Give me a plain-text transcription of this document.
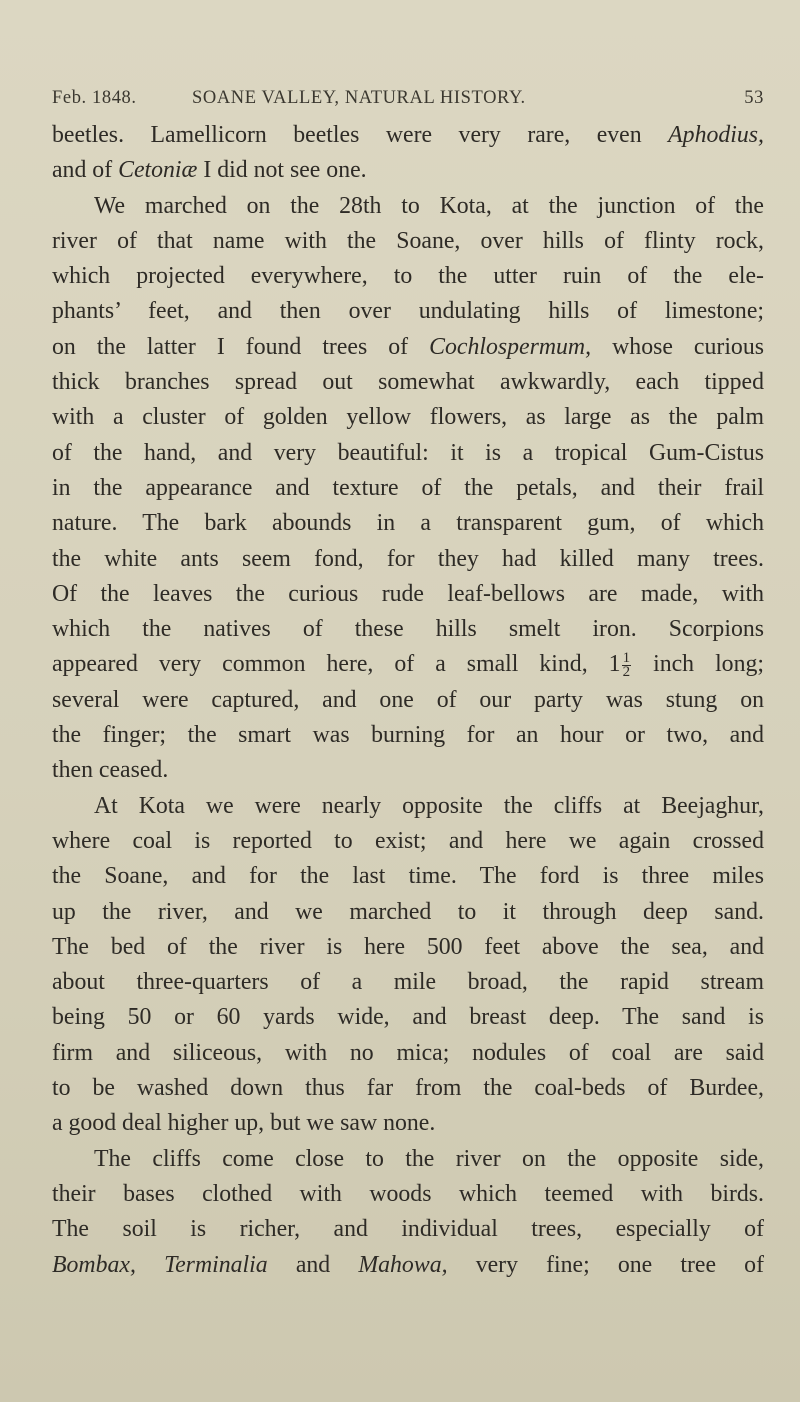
Feb. 1848.	SOANE VALLEY, NATURAL HISTORY.	53
beetles. Lamellicorn beetles were very rare, even Aphodius,
and of Cetoniæ I did not see one.
We marched on the 28th to Kota, at the junction of the
river of that name with the Soane, over hills of flinty rock,
which projected everywhere, to the utter ruin of the ele-
phants’ feet, and then over undulating hills of limestone;
on the latter I found trees of Cochlospermum, whose curious
thick branches spread out somewhat awkwardly, each tipped
with a cluster of golden yellow flowers, as large as the palm
of the hand, and very beautiful: it is a tropical Gum-Cistus
in the appearance and texture of the petals, and their frail
nature. The bark abounds in a transparent gum, of which
the white ants seem fond, for they had killed many trees.
Of the leaves the curious rude leaf-bellows are made, with
which the natives of these hills smelt iron. Scorpions
appeared very common here, of a small kind, $1 \frac{1}{2}$ inch long;
several were captured, and one of our party was stung on
the finger; the smart was burning for an hour or two, and
then ceased.
At Kota we were nearly opposite the cliffs at Beejaghur,
where coal is reported to exist; and here we again crossed
the Soane, and for the last time. The ford is three miles
up the river, and we marched to it through deep sand.
The bed of the river is here 500 feet above the sea, and
about three-quarters of a mile broad, the rapid stream
being 50 or 60 yards wide, and breast deep. The sand is
firm and siliceous, with no mica; nodules of coal are said
to be washed down thus far from the coal-beds of Burdee,
a good deal higher up, but we saw none.
The cliffs come close to the river on the opposite side,
their bases clothed with woods which teemed with birds.
The soil is richer, and individual trees, especially of
Bombax, Terminalia and Mahowa, very fine; one tree of
